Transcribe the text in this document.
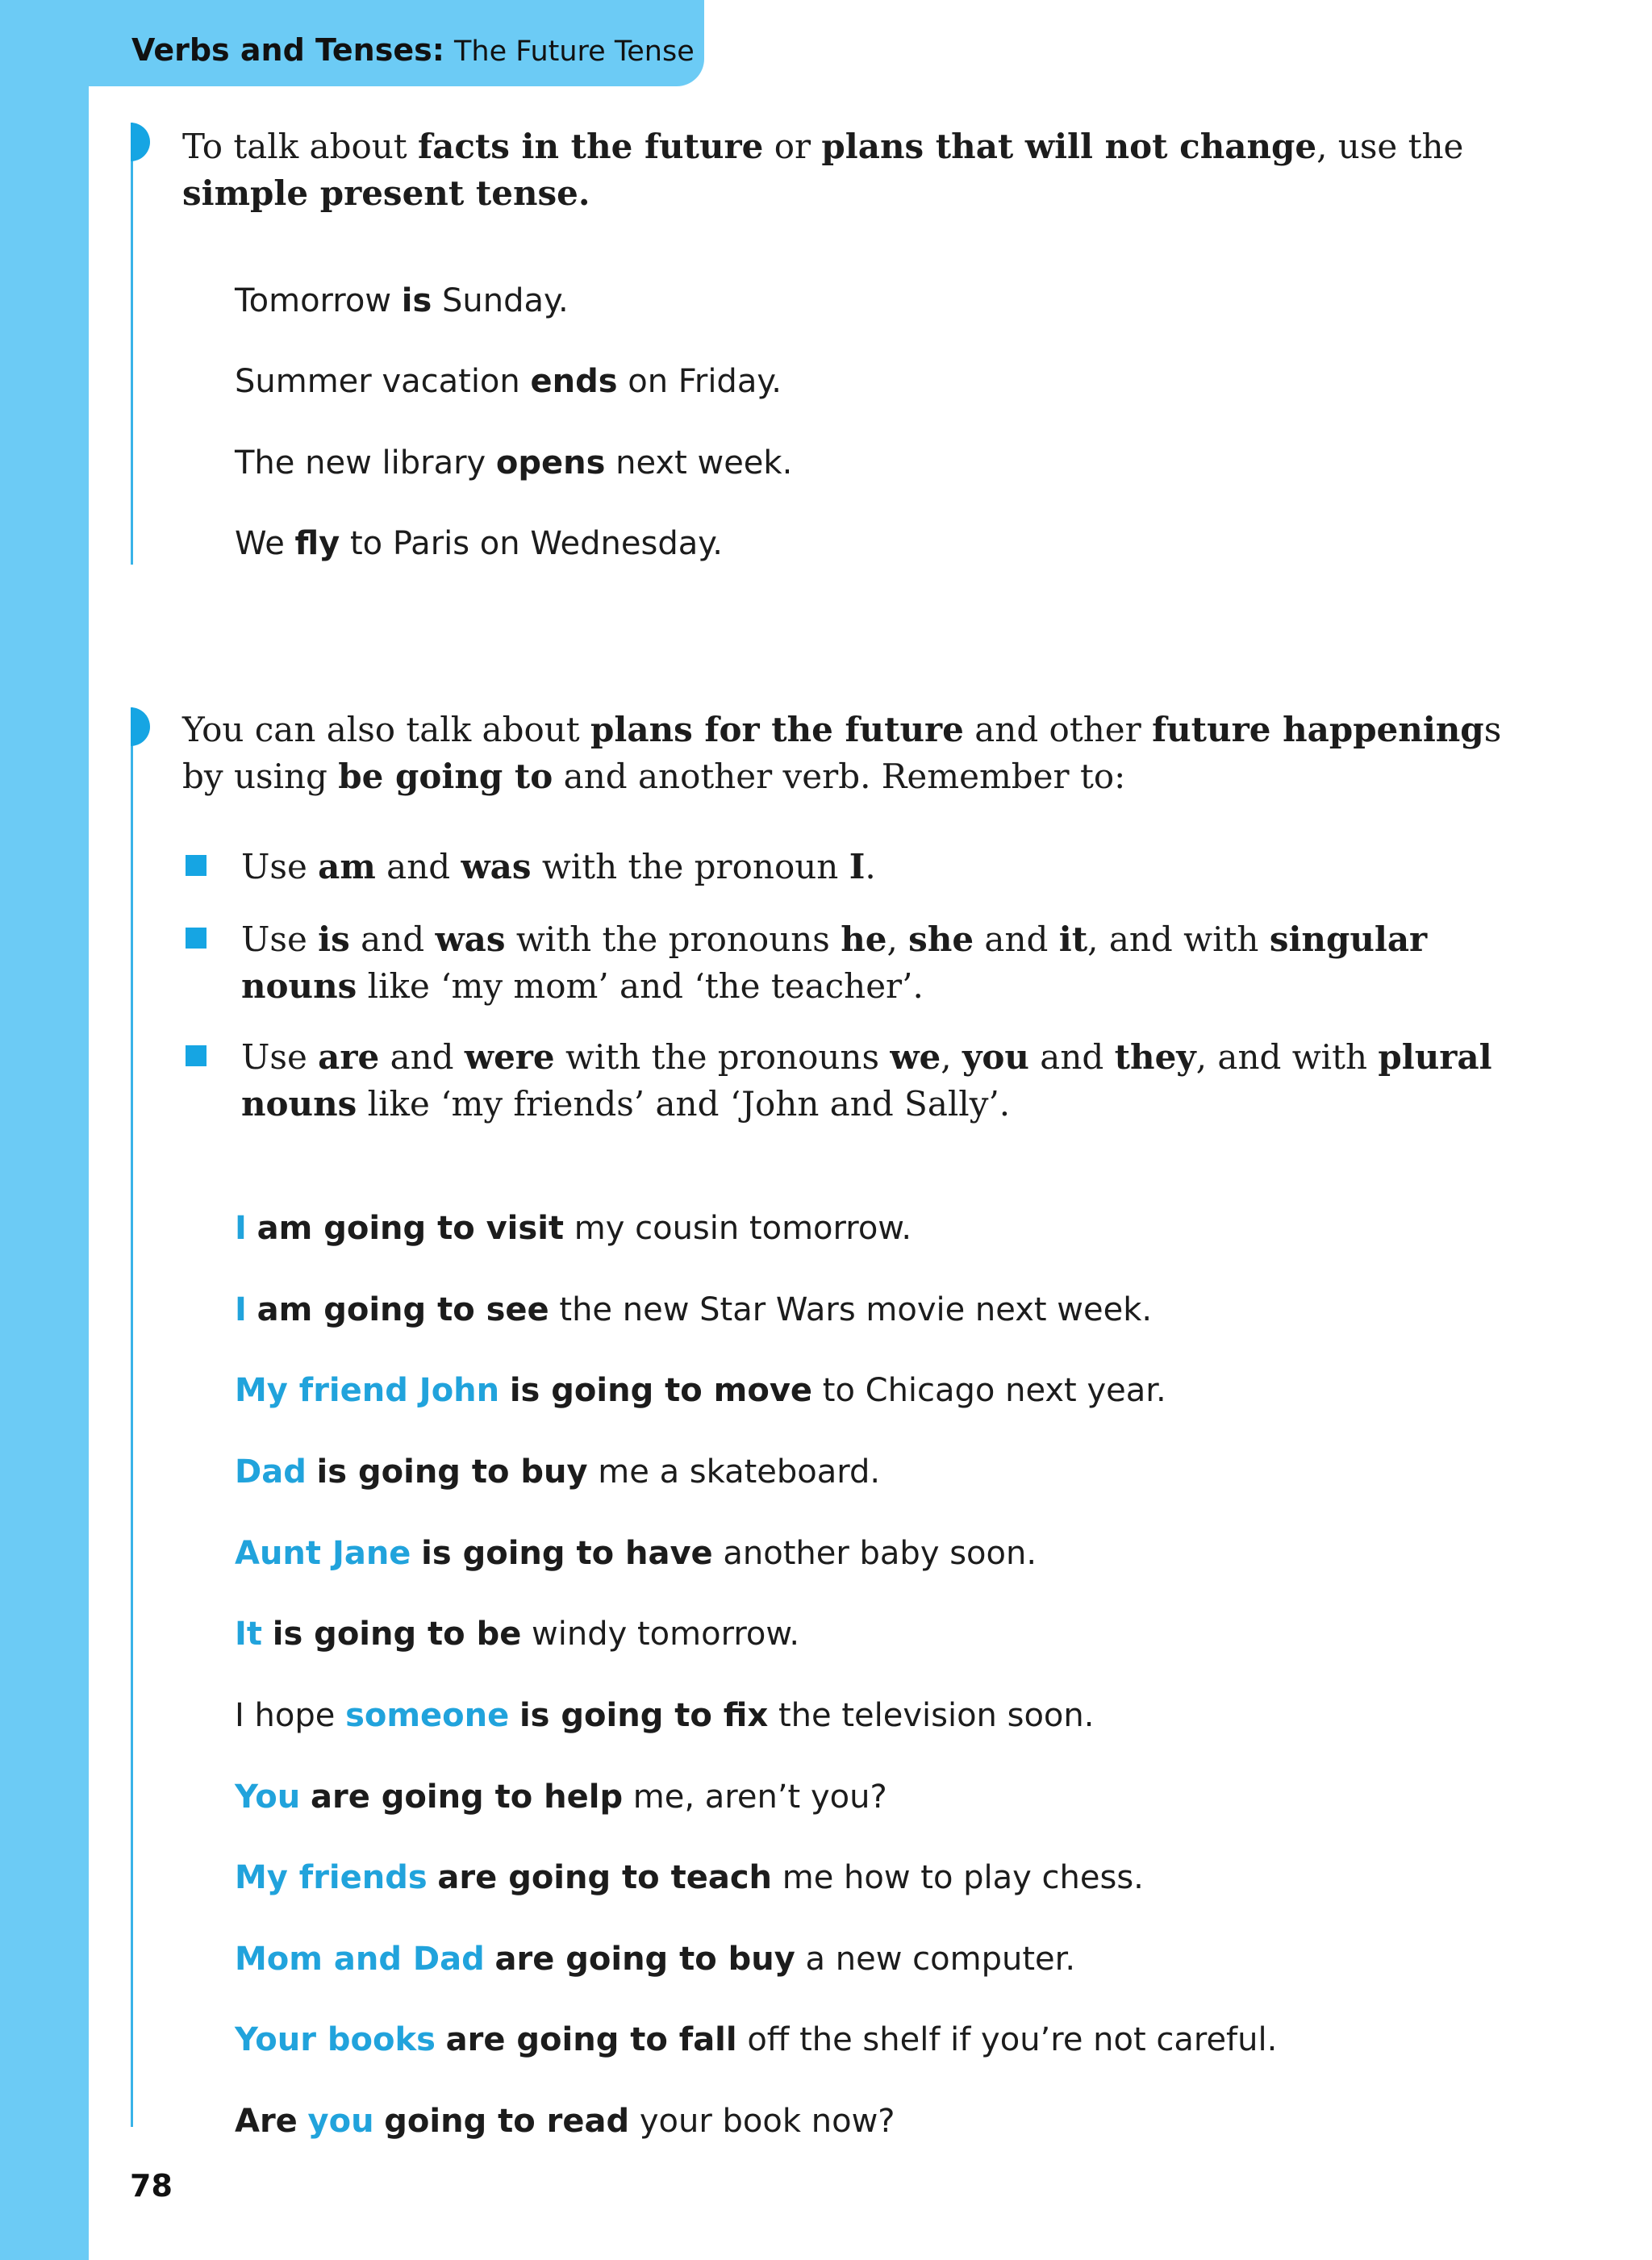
Verbs and Tenses: The Future Tense
To talk about facts in the future or plans that will not change, use the
simple present tense.
Tomorrow is Sunday.
Summer vacation ends on Friday.
The new library opens next week.
We fly to Paris on Wednesday.
You can also talk about plans for the future and other future happenings by using be going to and another verb. Remember to:
Use am and was with the pronoun I.
Use is and was with the pronouns he, she and it, and with singular nouns like ‘my mom’ and ‘the teacher’.
Use are and were with the pronouns we, you and they, and with plural nouns like ‘my friends’ and ‘John and Sally’.
I am going to visit my cousin tomorrow.
I am going to see the new Star Wars movie next week.
My friend John is going to move to Chicago next year.
Dad is going to buy me a skateboard.
Aunt Jane is going to have another baby soon.
It is going to be windy tomorrow.
I hope someone is going to fix the television soon.
You are going to help me, aren’t you?
My friends are going to teach me how to play chess.
Mom and Dad are going to buy a new computer.
Your books are going to fall off the shelf if you’re not careful.
Are you going to read your book now?
78
